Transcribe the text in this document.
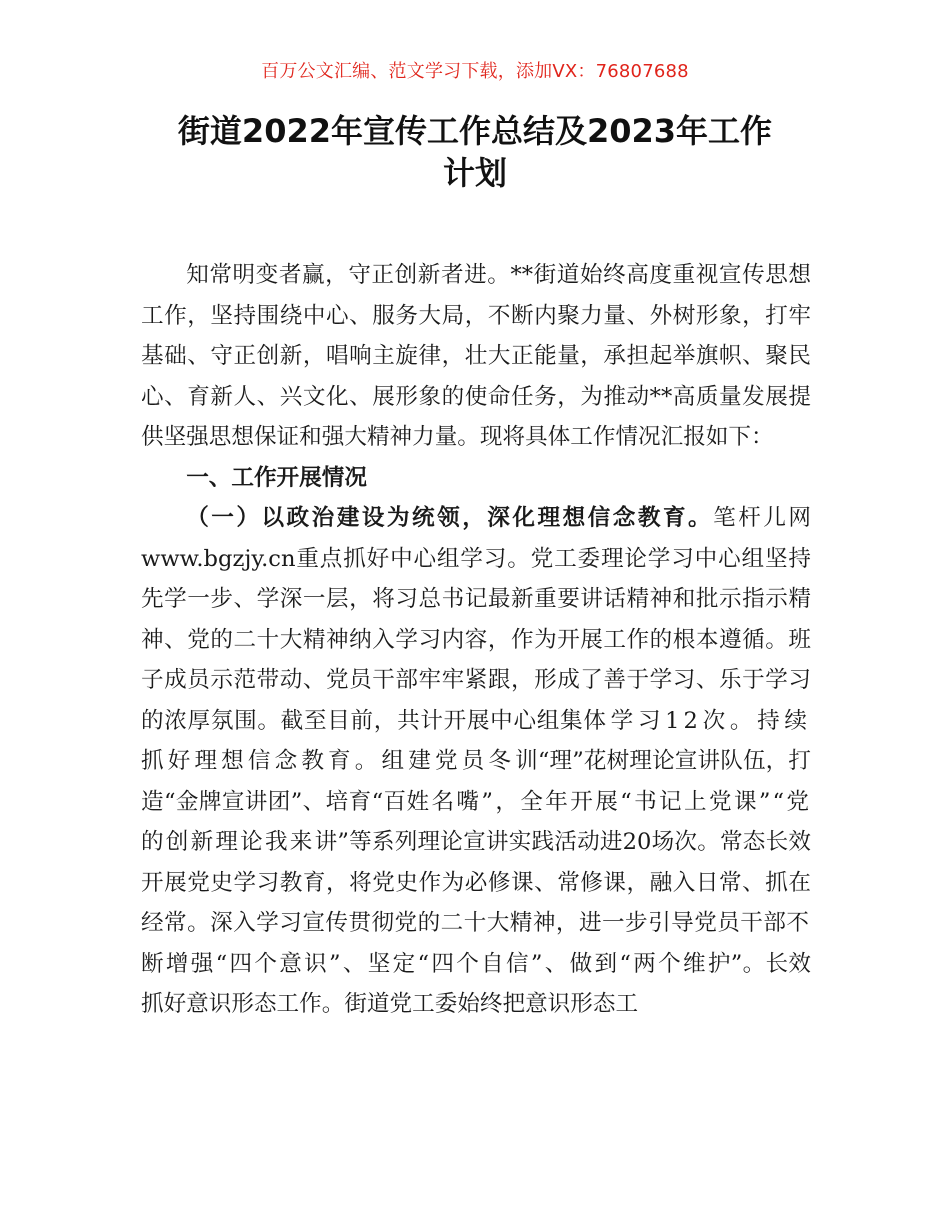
百万公文汇编、范文学习下载，添加VX：76807688
街道2022年宣传工作总结及2023年工作
计划

知常明变者赢，守正创新者进。**街道始终高度重视宣传思想工作，坚持围绕中心、服务大局，不断内聚力量、外树形象，打牢基础、守正创新，唱响主旋律，壮大正能量，承担起举旗帜、聚民心、育新人、兴文化、展形象的使命任务，为推动**高质量发展提供坚强思想保证和强大精神力量。现将具体工作情况汇报如下：

一、工作开展情况

（一）以政治建设为统领，深化理想信念教育。笔杆儿网www.bgzjy.cn重点抓好中心组学习。党工委理论学习中心组坚持先学一步、学深一层，将习总书记最新重要讲话精神和批示指示精神、党的二十大精神纳入学习内容，作为开展工作的根本遵循。班子成员示范带动、党员干部牢牢紧跟，形成了善于学习、乐于学习的浓厚氛围。截至目前，共计开展中心组集体学习12次。持续抓好理想信念教育。组建党员冬训“理”花树理论宣讲队伍，打造“金牌宣讲团”、培育“百姓名嘴”，全年开展“书记上党课”“党的创新理论我来讲”等系列理论宣讲实践活动进20场次。常态长效开展党史学习教育，将党史作为必修课、常修课，融入日常、抓在经常。深入学习宣传贯彻党的二十大精神，进一步引导党员干部不断增强“四个意识”、坚定“四个自信”、做到“两个维护”。长效抓好意识形态工作。街道党工委始终把意识形态工
